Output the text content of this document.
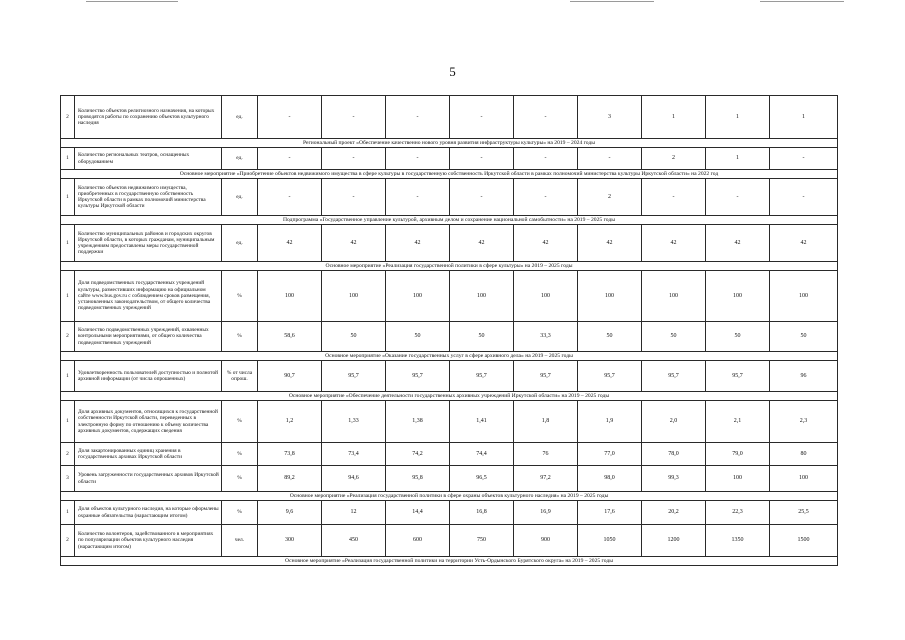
5
2	Количество объектов религиозного назначения, на которых проводятся работы по сохранению объектов культурного наследия	ед.	-	-	-	-	-	3	1	1	1
Региональный проект «Обеспечение качественно нового уровня развития инфраструктуры культуры» на 2019 – 2024 годы											
1	Количество региональных театров, оснащенных оборудованием	ед.	-	-	-	-	-	-	2	1	-
Основное мероприятие «Приобретение объектов недвижимого имущества в сфере культуры в государственную собственность Иркутской области в рамках полномочий министерства культуры Иркутской области» на 2022 год											
1	Количество объектов недвижимого имущества, приобретенных в государственную собственность Иркутской области в рамках полномочий министерства культуры Иркутской области	ед.	-	-	-	-	-	2	-	-	-
Подпрограмма «Государственное управление культурой, архивным делом и сохранение национальной самобытности» на 2019 – 2025 годы											
1	Количество муниципальных районов и городских округов Иркутской области, в которых гражданам, муниципальным учреждениям предоставлены меры государственной поддержки	ед.	42	42	42	42	42	42	42	42	42
Основное мероприятие «Реализация государственной политики в сфере культуры» на 2019 – 2025 годы											
1	Доля подведомственных государственных учреждений культуры, разместивших информацию на официальном сайте www.bus.gov.ru с соблюдением сроков размещения, установленных законодательством, от общего количества подведомственных учреждений	%	100	100	100	100	100	100	100	100	100
2	Количество подведомственных учреждений, охваченных контрольными мероприятиями, от общего количества подведомственных учреждений	%	58,6	50	50	50	33,3	50	50	50	50
Основное мероприятие «Оказание государственных услуг в сфере архивного дела» на 2019 – 2025 годы											
1	Удовлетворенность пользователей доступностью и полнотой архивной информации (от числа опрошенных)	% от числа опрош.	90,7	95,7	95,7	95,7	95,7	95,7	95,7	95,7	96
Основное мероприятие «Обеспечение деятельности государственных архивных учреждений Иркутской области» на 2019 – 2025 годы											
1	Доля архивных документов, относящихся к государственной собственности Иркутской области, переведенных в электронную форму по отношению к объему количества архивных документов, содержащих сведения	%	1,2	1,33	1,38	1,41	1,8	1,9	2,0	2,1	2,3
2	Доля закартонированных единиц хранения в государственных архивах Иркутской области	%	73,8	73,4	74,2	74,4	76	77,0	78,0	79,0	80
3	Уровень загруженности государственных архивов Иркутской области	%	89,2	94,6	95,8	96,5	97,2	98,0	99,3	100	100
Основное мероприятие «Реализация государственной политики в сфере охраны объектов культурного наследия» на 2019 – 2025 годы											
1	Доля объектов культурного наследия, на которые оформлены охранные обязательства (нарастающим итогом)	%	9,6	12	14,4	16,8	16,9	17,6	20,2	22,3	25,5
2	Количество волонтеров, задействованного в мероприятиях по популяризации объектов культурного наследия (нарастающим итогом)	чел.	300	450	600	750	900	1050	1200	1350	1500
Основное мероприятие «Реализация государственной политики на территории Усть-Ордынского Бурятского округа» на 2019 – 2025 годы											
